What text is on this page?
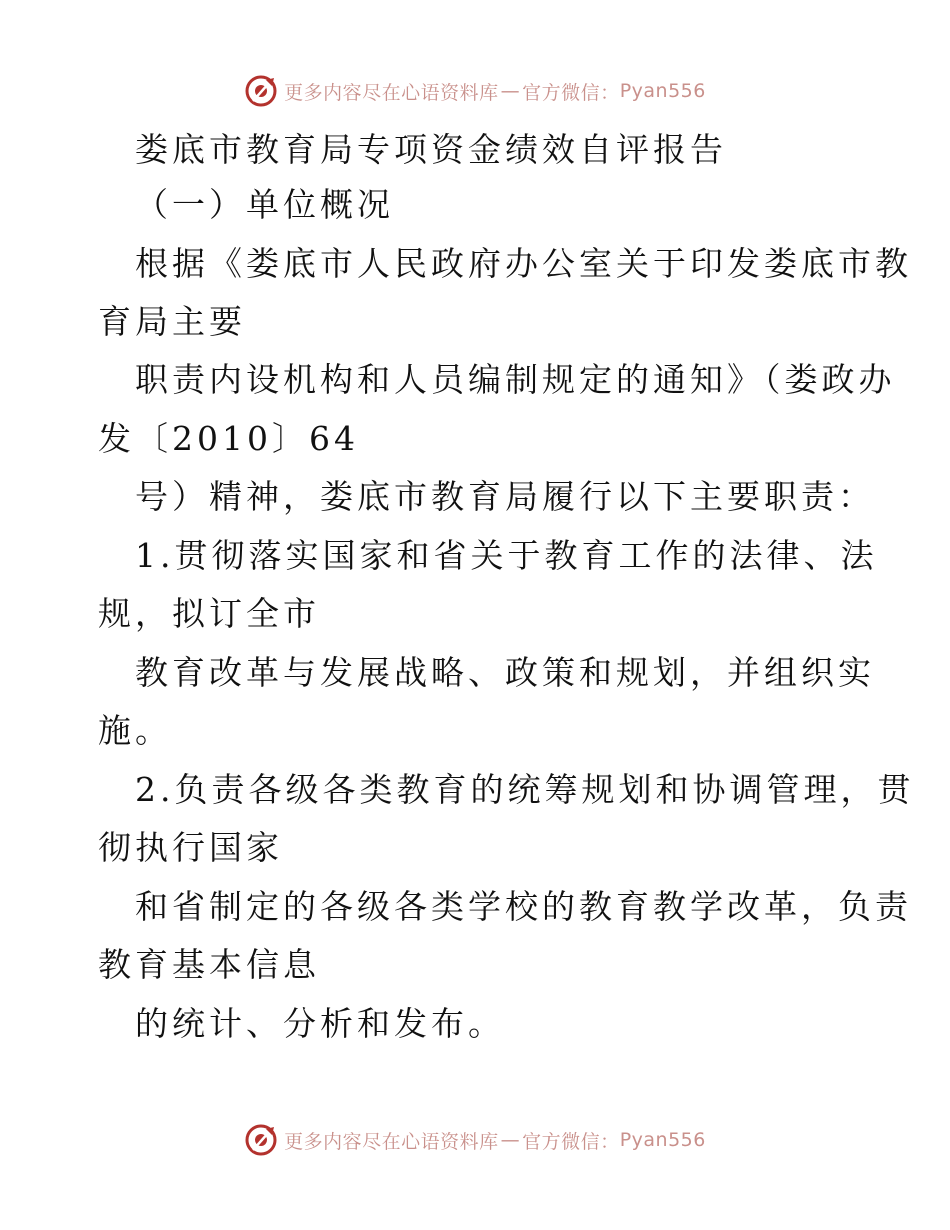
更多内容尽在心语资料库 — 官方微信： Pyan556
娄底市教育局专项资金绩效自评报告
（一）单位概况
根据《娄底市人民政府办公室关于印发娄底市教
育局主要
职责内设机构和人员编制规定的通知》（娄政办
发〔2010〕64
号）精神，娄底市教育局履行以下主要职责：
1.贯彻落实国家和省关于教育工作的法律、法
规，拟订全市
教育改革与发展战略、政策和规划，并组织实
施。
2.负责各级各类教育的统筹规划和协调管理，贯
彻执行国家
和省制定的各级各类学校的教育教学改革，负责
教育基本信息
的统计、分析和发布。
更多内容尽在心语资料库 — 官方微信： Pyan556
